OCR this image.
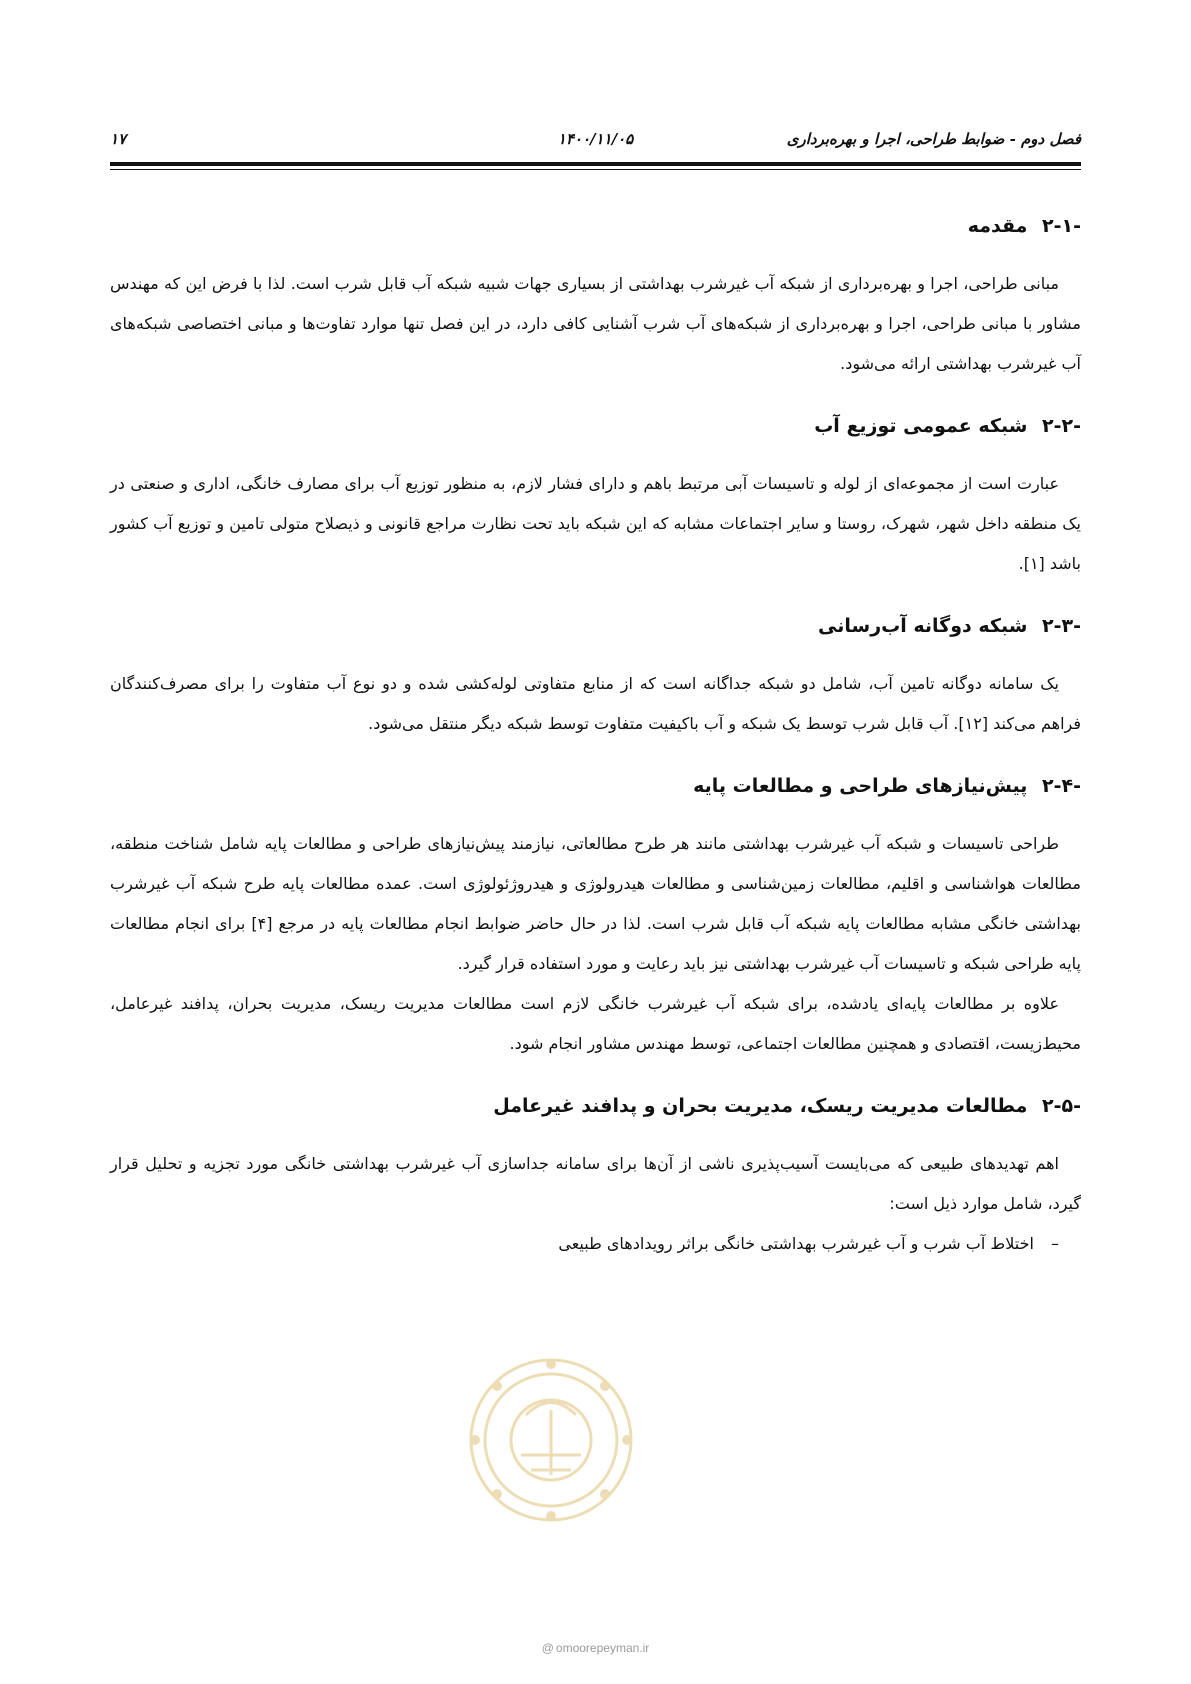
فصل دوم - ضوابط طراحی، اجرا و بهره‌برداری
۱۴۰۰/۱۱/۰۵
۱۷
۲-۱- مقدمه

مبانی طراحی، اجرا و بهره‌برداری از شبکه آب غیرشرب بهداشتی از بسیاری جهات شبیه شبکه آب قابل شرب است. لذا با فرض این که مهندس مشاور با مبانی طراحی، اجرا و بهره‌برداری از شبکه‌های آب شرب آشنایی کافی دارد، در این فصل تنها موارد تفاوت‌ها و مبانی اختصاصی شبکه‌های آب غیرشرب بهداشتی ارائه می‌شود.

۲-۲- شبکه عمومی توزیع آب

عبارت است از مجموعه‌ای از لوله و تاسیسات آبی مرتبط باهم و دارای فشار لازم، به منظور توزیع آب برای مصارف خانگی، اداری و صنعتی در یک منطقه داخل شهر، شهرک، روستا و سایر اجتماعات مشابه که این شبکه باید تحت نظارت مراجع قانونی و ذیصلاح متولی تامین و توزیع آب کشور باشد [۱].

۲-۳- شبکه دوگانه آب‌رسانی

یک سامانه دوگانه تامین آب، شامل دو شبکه جداگانه است که از منابع متفاوتی لوله‌کشی شده و دو نوع آب متفاوت را برای مصرف‌کنندگان فراهم می‌کند [۱۲]. آب قابل شرب توسط یک شبکه و آب باکیفیت متفاوت توسط شبکه دیگر منتقل می‌شود.

۲-۴- پیش‌نیازهای طراحی و مطالعات پایه

طراحی تاسیسات و شبکه آب غیرشرب بهداشتی مانند هر طرح مطالعاتی، نیازمند پیش‌نیازهای طراحی و مطالعات پایه شامل شناخت منطقه، مطالعات هواشناسی و اقلیم، مطالعات زمین‌شناسی و مطالعات هیدرولوژی و هیدروژئولوژی است. عمده مطالعات پایه طرح شبکه آب غیرشرب بهداشتی خانگی مشابه مطالعات پایه شبکه آب قابل شرب است. لذا در حال حاضر ضوابط انجام مطالعات پایه در مرجع [۴] برای انجام مطالعات پایه طراحی شبکه و تاسیسات آب غیرشرب بهداشتی نیز باید رعایت و مورد استفاده قرار گیرد.

علاوه بر مطالعات پایه‌ای یادشده، برای شبکه آب غیرشرب خانگی لازم است مطالعات مدیریت ریسک، مدیریت بحران، پدافند غیرعامل، محیط‌زیست، اقتصادی و همچنین مطالعات اجتماعی، توسط مهندس مشاور انجام شود.

۲-۵- مطالعات مدیریت ریسک، مدیریت بحران و پدافند غیرعامل

اهم تهدیدهای طبیعی که می‌بایست آسیب‌پذیری ناشی از آن‌ها برای سامانه جداسازی آب غیرشرب بهداشتی خانگی مورد تجزیه و تحلیل قرار گیرد، شامل موارد ذیل است:

– اختلاط آب شرب و آب غیرشرب بهداشتی خانگی براثر رویدادهای طبیعی
@ omoorepeyman.ir
